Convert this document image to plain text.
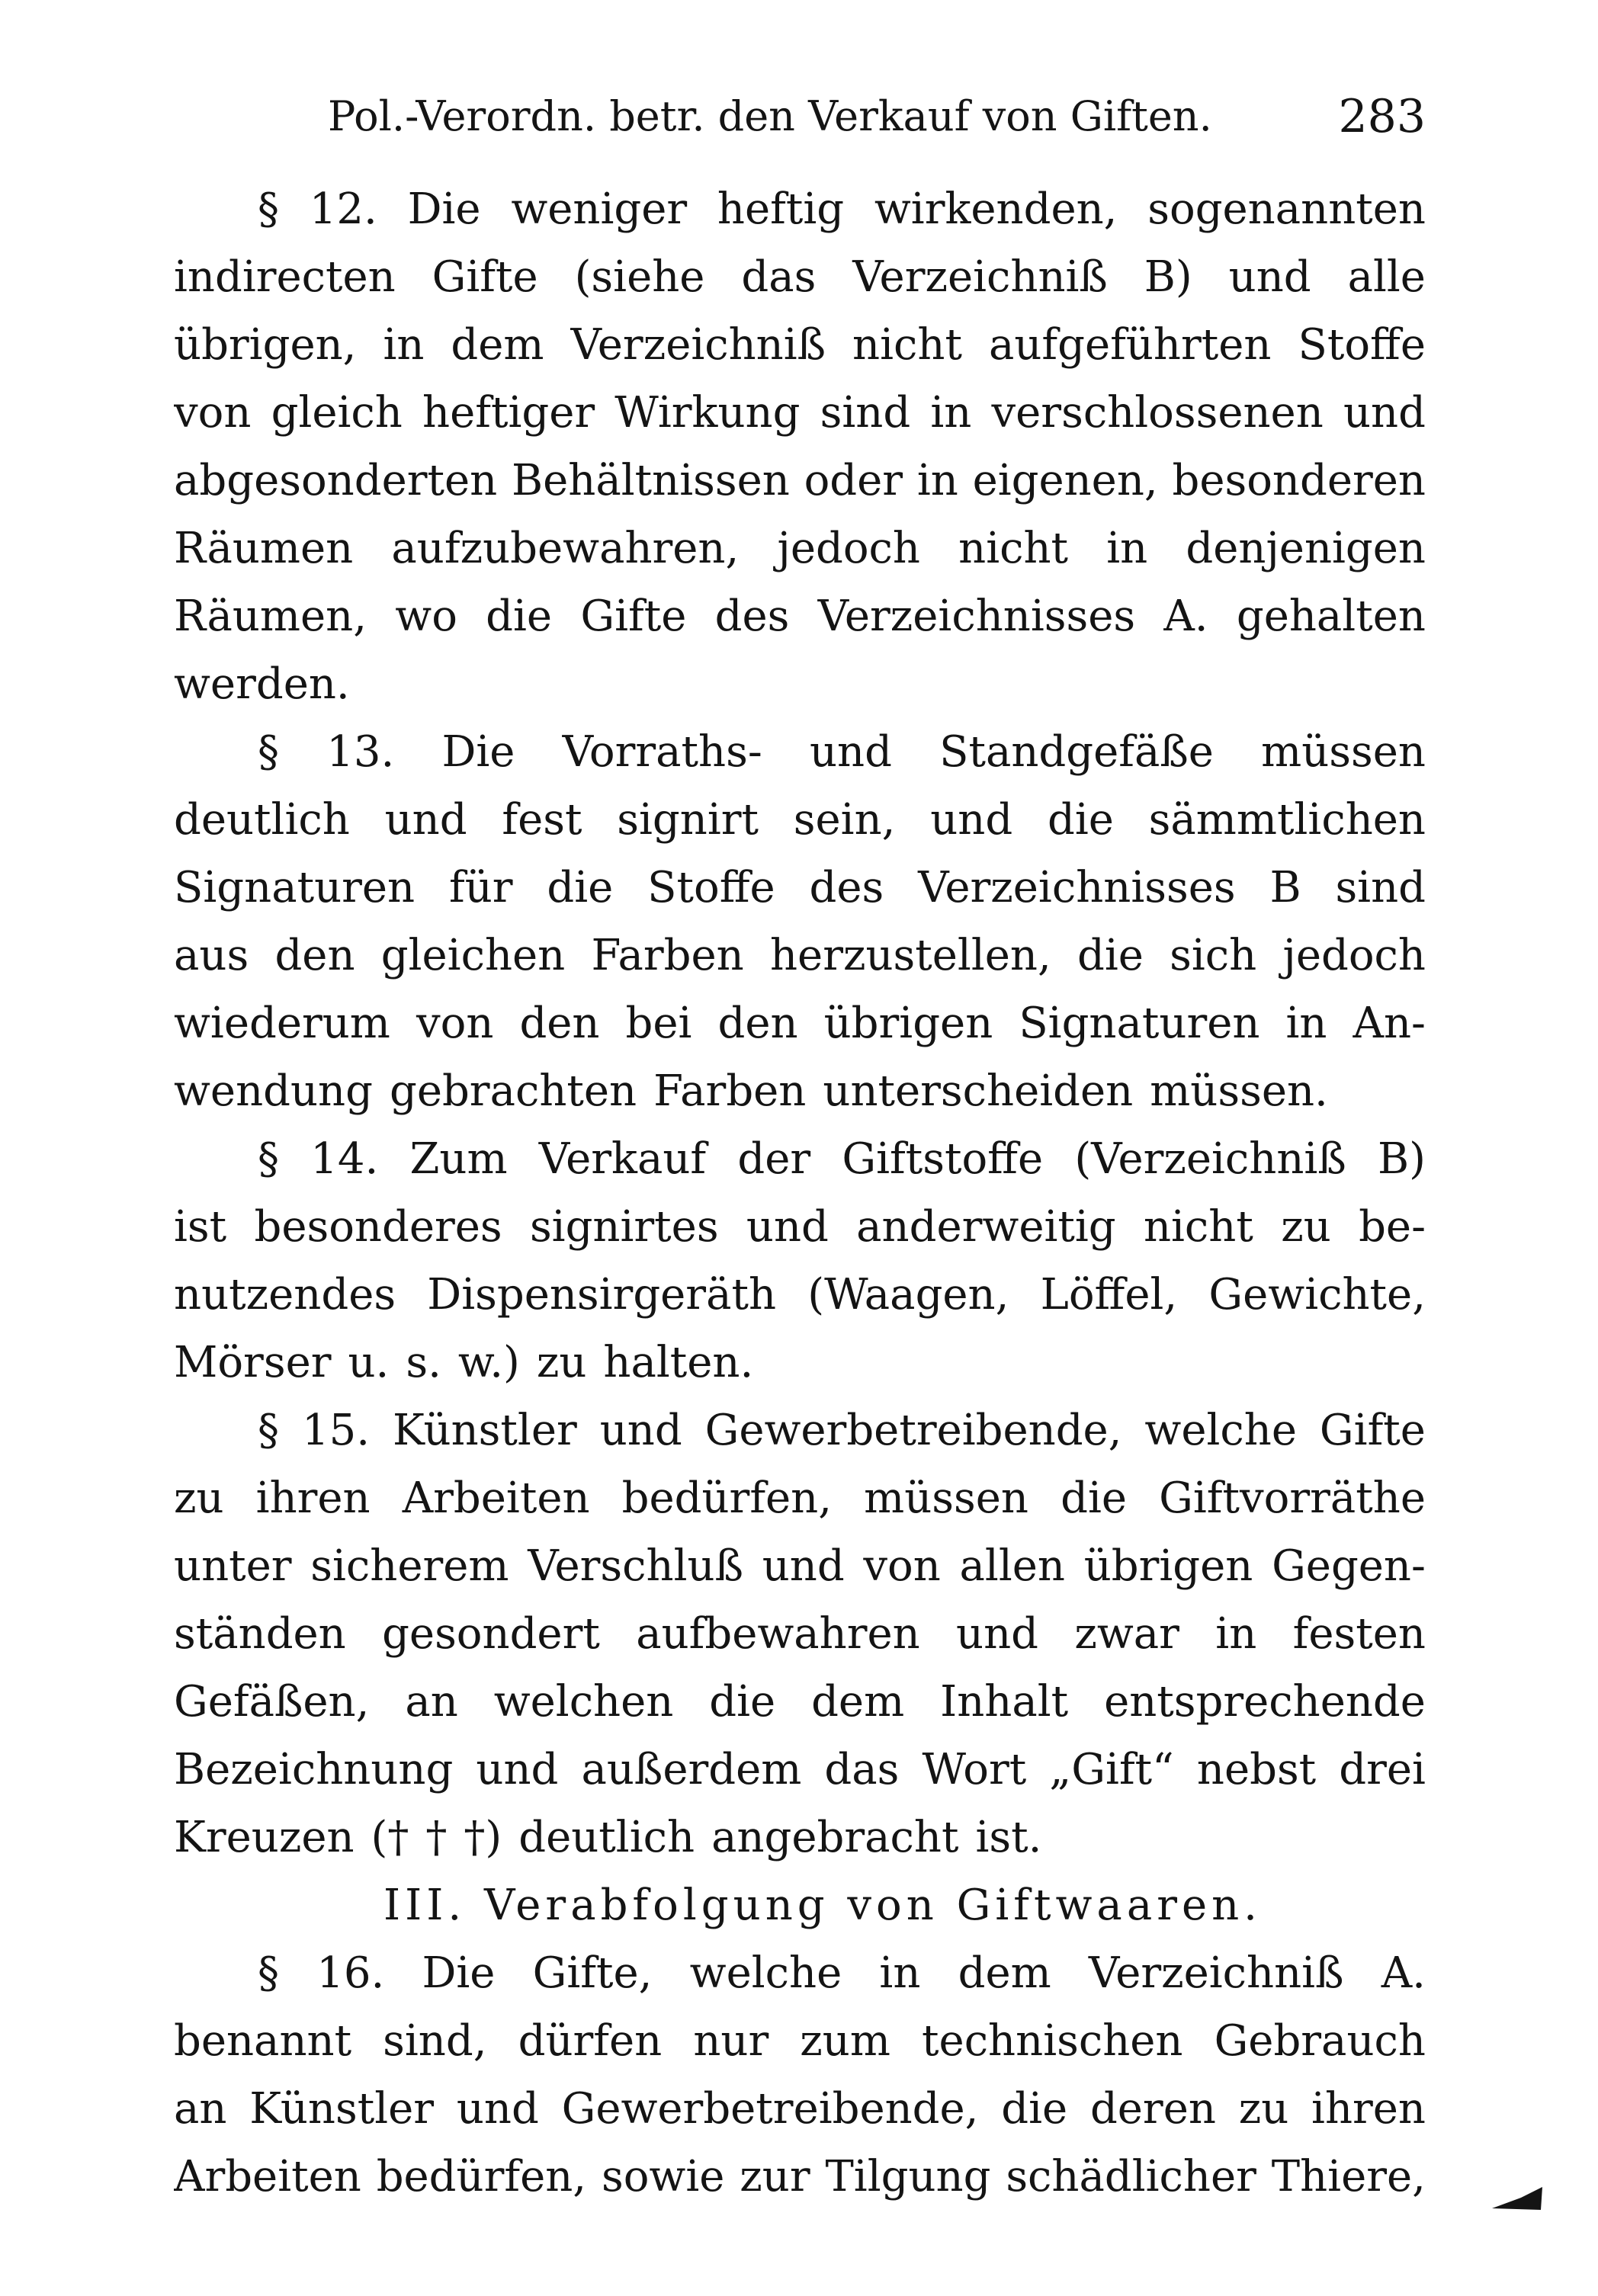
Pol.-Verordn. betr. den Verkauf von Giften.	283
§ 12. Die weniger heftig wirkenden, sogenannten
indirecten Gifte (siehe das Verzeichniß B) und alle
übrigen, in dem Verzeichniß nicht aufgeführten Stoffe
von gleich heftiger Wirkung sind in verschlossenen und
abgesonderten Behältnissen oder in eigenen, besonderen
Räumen aufzubewahren, jedoch nicht in denjenigen
Räumen, wo die Gifte des Verzeichnisses A. gehalten
werden.
§ 13. Die Vorraths- und Standgefäße müssen
deutlich und fest signirt sein, und die sämmtlichen
Signaturen für die Stoffe des Verzeichnisses B sind
aus den gleichen Farben herzustellen, die sich jedoch
wiederum von den bei den übrigen Signaturen in An-
wendung gebrachten Farben unterscheiden müssen.
§ 14. Zum Verkauf der Giftstoffe (Verzeichniß B)
ist besonderes signirtes und anderweitig nicht zu be-
nutzendes Dispensirgeräth (Waagen, Löffel, Gewichte,
Mörser u. s. w.) zu halten.
§ 15. Künstler und Gewerbetreibende, welche Gifte
zu ihren Arbeiten bedürfen, müssen die Giftvorräthe
unter sicherem Verschluß und von allen übrigen Gegen-
ständen gesondert aufbewahren und zwar in festen
Gefäßen, an welchen die dem Inhalt entsprechende
Bezeichnung und außerdem das Wort „Gift“ nebst drei
Kreuzen († † †) deutlich angebracht ist.
III. Verabfolgung von Giftwaaren.
§ 16. Die Gifte, welche in dem Verzeichniß A.
benannt sind, dürfen nur zum technischen Gebrauch
an Künstler und Gewerbetreibende, die deren zu ihren
Arbeiten bedürfen, sowie zur Tilgung schädlicher Thiere,
